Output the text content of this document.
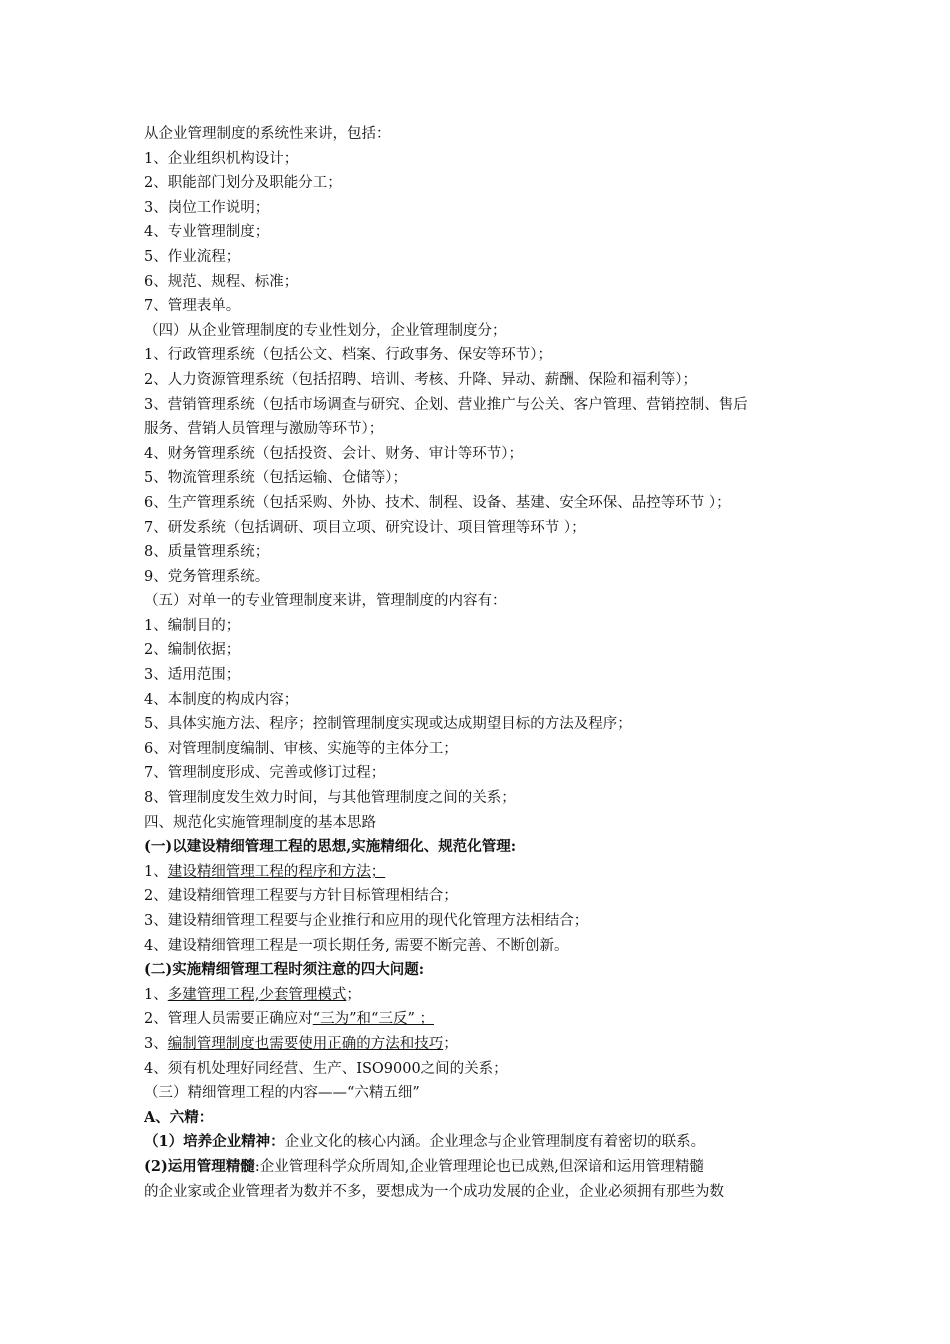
从企业管理制度的系统性来讲，包括：
1、企业组织机构设计；
2、职能部门划分及职能分工；
3、岗位工作说明；
4、专业管理制度；
5、作业流程；
6、规范、规程、标准；
7、管理表单。
（四）从企业管理制度的专业性划分，企业管理制度分；
1、行政管理系统（包括公文、档案、行政事务、保安等环节）；
2、人力资源管理系统（包括招聘、培训、考核、升降、异动、薪酬、保险和福利等）；
3、营销管理系统（包括市场调查与研究、企划、营业推广与公关、客户管理、营销控制、售后
服务、营销人员管理与激励等环节）；
4、财务管理系统（包括投资、会计、财务、审计等环节）；
5、物流管理系统（包括运输、仓储等）；
6、生产管理系统（包括采购、外协、技术、制程、设备、基建、安全环保、品控等环节 ）；
7、研发系统（包括调研、项目立项、研究设计、项目管理等环节 ）；
8、质量管理系统；
9、党务管理系统。
（五）对单一的专业管理制度来讲，管理制度的内容有：
1、编制目的；
2、编制依据；
3、适用范围；
4、本制度的构成内容；
5、具体实施方法、程序；控制管理制度实现或达成期望目标的方法及程序；
6、对管理制度编制、审核、实施等的主体分工；
7、管理制度形成、完善或修订过程；
8、管理制度发生效力时间，与其他管理制度之间的关系；
四、规范化实施管理制度的基本思路
(一)以建设精细管理工程的思想,实施精细化、规范化管理:
1、建设精细管理工程的程序和方法；
2、建设精细管理工程要与方针目标管理相结合；
3、建设精细管理工程要与企业推行和应用的现代化管理方法相结合；
4、建设精细管理工程是一项长期任务, 需要不断完善、不断创新。
(二)实施精细管理工程时须注意的四大问题:
1、多建管理工程,少套管理模式；
2、管理人员需要正确应对“三为”和“三反” ；
3、编制管理制度也需要使用正确的方法和技巧；
4、须有机处理好同经营、生产、ISO9000之间的关系；
（三）精细管理工程的内容——“六精五细”
A、六精：
（1）培养企业精神：企业文化的核心内涵。企业理念与企业管理制度有着密切的联系。
(2)运用管理精髓:企业管理科学众所周知,企业管理理论也已成熟,但深谙和运用管理精髓
的企业家或企业管理者为数并不多，要想成为一个成功发展的企业，企业必须拥有那些为数
